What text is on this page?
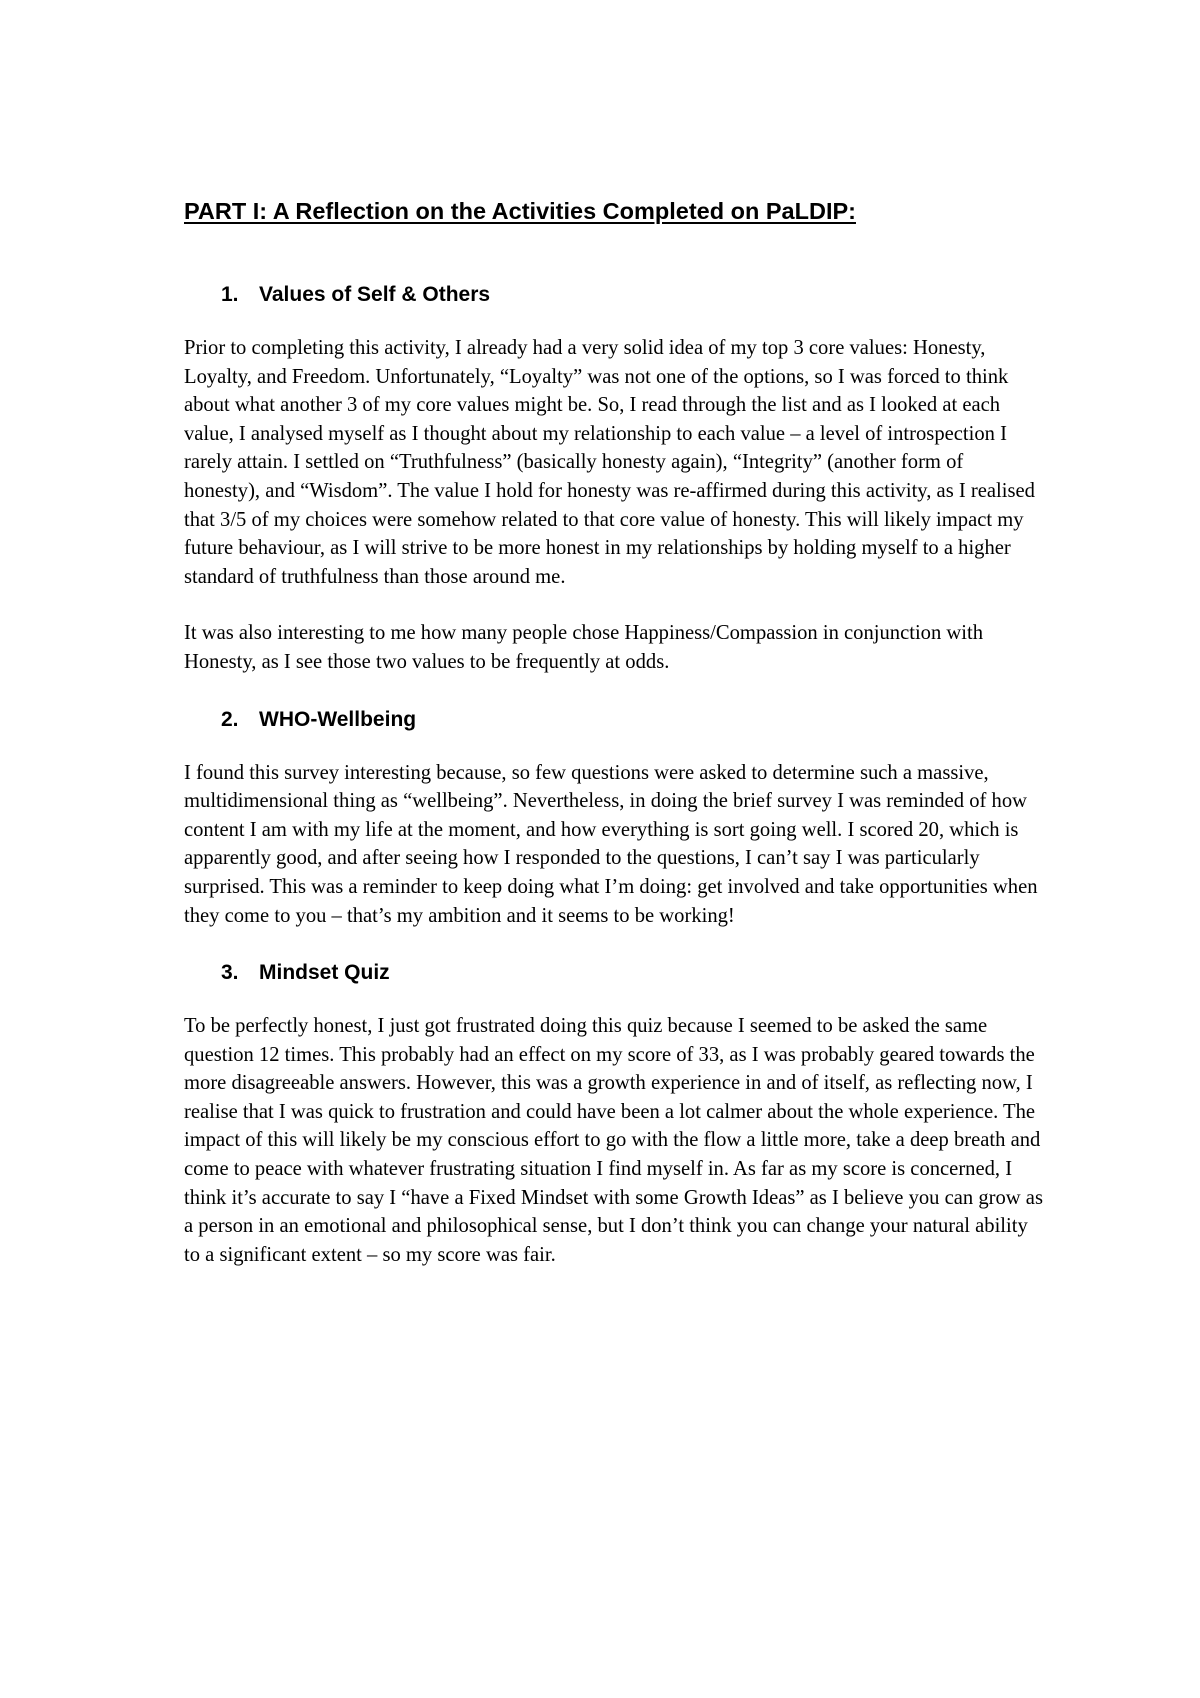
PART I: A Reflection on the Activities Completed on PaLDIP:
1. Values of Self & Others

Prior to completing this activity, I already had a very solid idea of my top 3 core values: Honesty, Loyalty, and Freedom. Unfortunately, “Loyalty” was not one of the options, so I was forced to think about what another 3 of my core values might be. So, I read through the list and as I looked at each value, I analysed myself as I thought about my relationship to each value – a level of introspection I rarely attain. I settled on “Truthfulness” (basically honesty again), “Integrity” (another form of honesty), and “Wisdom”. The value I hold for honesty was re-affirmed during this activity, as I realised that 3/5 of my choices were somehow related to that core value of honesty. This will likely impact my future behaviour, as I will strive to be more honest in my relationships by holding myself to a higher standard of truthfulness than those around me.

It was also interesting to me how many people chose Happiness/Compassion in conjunction with Honesty, as I see those two values to be frequently at odds.

2. WHO-Wellbeing

I found this survey interesting because, so few questions were asked to determine such a massive, multidimensional thing as “wellbeing”. Nevertheless, in doing the brief survey I was reminded of how content I am with my life at the moment, and how everything is sort going well. I scored 20, which is apparently good, and after seeing how I responded to the questions, I can’t say I was particularly surprised. This was a reminder to keep doing what I’m doing: get involved and take opportunities when they come to you – that’s my ambition and it seems to be working!

3. Mindset Quiz

To be perfectly honest, I just got frustrated doing this quiz because I seemed to be asked the same question 12 times. This probably had an effect on my score of 33, as I was probably geared towards the more disagreeable answers. However, this was a growth experience in and of itself, as reflecting now, I realise that I was quick to frustration and could have been a lot calmer about the whole experience. The impact of this will likely be my conscious effort to go with the flow a little more, take a deep breath and come to peace with whatever frustrating situation I find myself in. As far as my score is concerned, I think it’s accurate to say I “have a Fixed Mindset with some Growth Ideas” as I believe you can grow as a person in an emotional and philosophical sense, but I don’t think you can change your natural ability to a significant extent – so my score was fair.
